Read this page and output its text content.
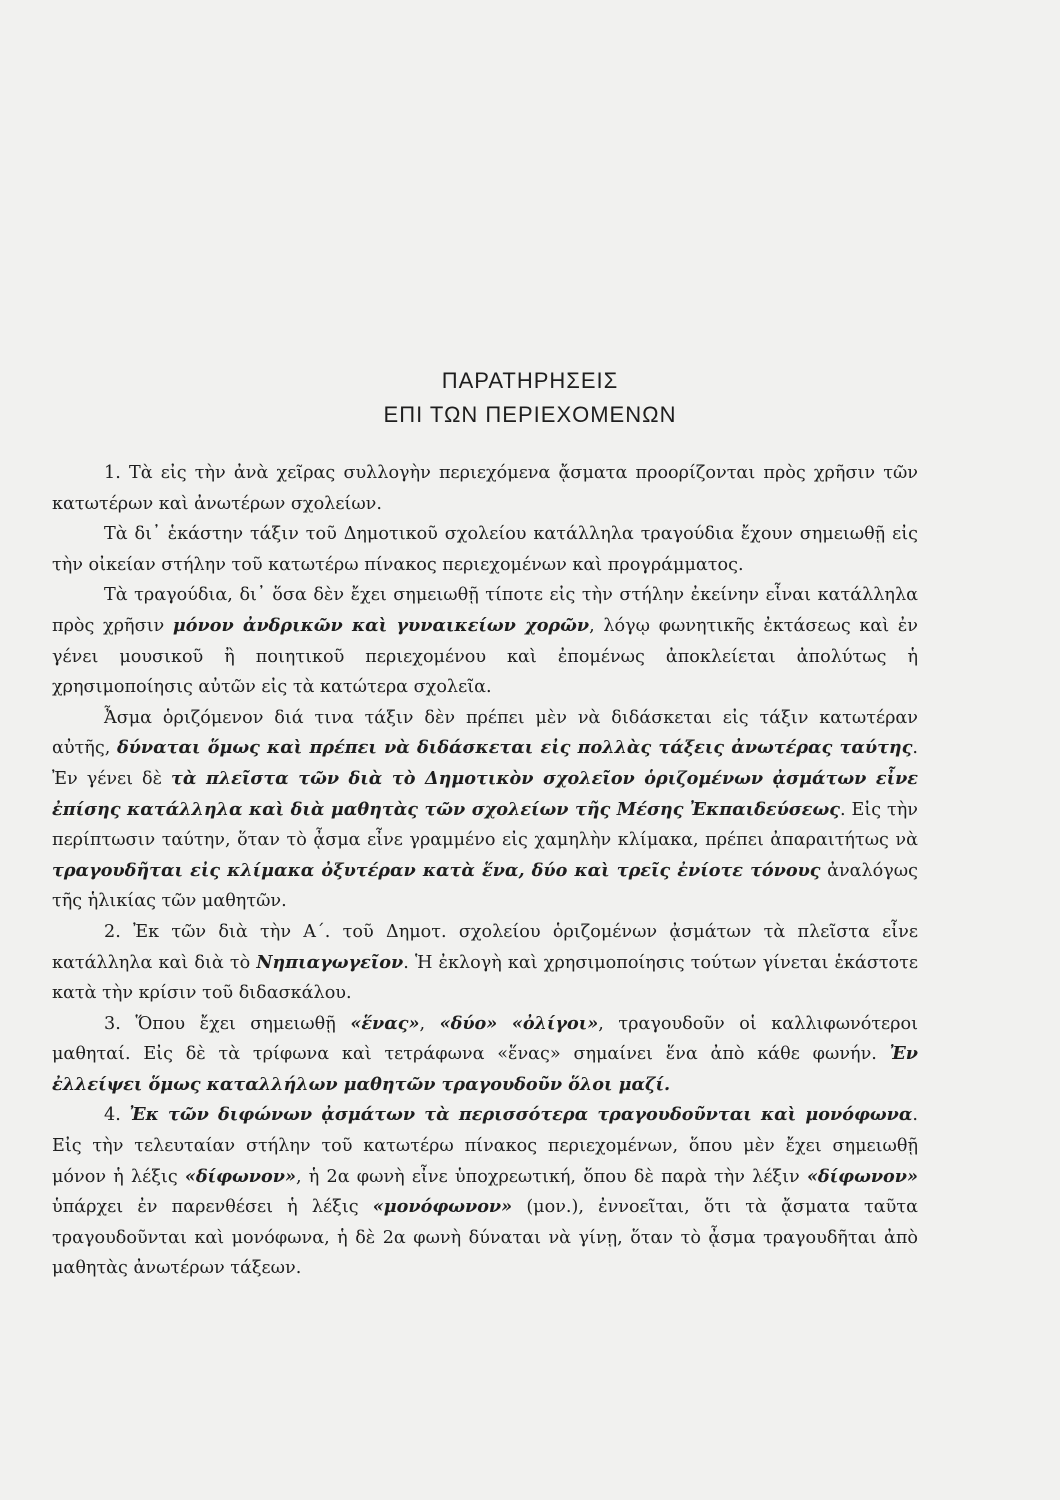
ΠΑΡΑΤΗΡΗΣΕΙΣ
ΕΠΙ ΤΩΝ ΠΕΡΙΕΧΟΜΕΝΩΝ

1. Τὰ εἰς τὴν ἀνὰ χεῖρας συλλογὴν περιεχόμενα ᾄσματα προορίζονται πρὸς χρῆσιν τῶν κατωτέρων καὶ ἀνωτέρων σχολείων.

Τὰ δι᾽ ἑκάστην τάξιν τοῦ Δημοτικοῦ σχολείου κατάλληλα τραγούδια ἔχουν σημειωθῇ εἰς τὴν οἰκείαν στήλην τοῦ κατωτέρω πίνακος περιεχομένων καὶ προγράμματος.

Τὰ τραγούδια, δι᾽ ὅσα δὲν ἔχει σημειωθῇ τίποτε εἰς τὴν στήλην ἐκείνην εἶναι κατάλληλα πρὸς χρῆσιν μόνον ἀνδρικῶν καὶ γυναικείων χορῶν, λόγῳ φωνητικῆς ἐκτάσεως καὶ ἐν γένει μουσικοῦ ἢ ποιητικοῦ περιεχομένου καὶ ἐπομένως ἀποκλείεται ἀπολύτως ἡ χρησιμοποίησις αὐτῶν εἰς τὰ κατώτερα σχολεῖα.

Ἆσμα ὁριζόμενον διά τινα τάξιν δὲν πρέπει μὲν νὰ διδάσκεται εἰς τάξιν κατωτέραν αὐτῆς, δύναται ὅμως καὶ πρέπει νὰ διδάσκεται εἰς πολλὰς τάξεις ἀνωτέρας ταύτης. Ἐν γένει δὲ τὰ πλεῖστα τῶν διὰ τὸ Δημοτικὸν σχολεῖον ὁριζομένων ᾀσμάτων εἶνε ἐπίσης κατάλληλα καὶ διὰ μαθητὰς τῶν σχολείων τῆς Μέσης Ἐκπαιδεύσεως. Εἰς τὴν περίπτωσιν ταύτην, ὅταν τὸ ᾆσμα εἶνε γραμμένο εἰς χαμηλὴν κλίμακα, πρέπει ἀπαραιτήτως νὰ τραγουδῆται εἰς κλίμακα ὀξυτέραν κατὰ ἕνα, δύο καὶ τρεῖς ἐνίοτε τόνους ἀναλόγως τῆς ἡλικίας τῶν μαθητῶν.

2. Ἐκ τῶν διὰ τὴν Α΄. τοῦ Δημοτ. σχολείου ὁριζομένων ᾀσμάτων τὰ πλεῖστα εἶνε κατάλληλα καὶ διὰ τὸ Νηπιαγωγεῖον. Ἡ ἐκλογὴ καὶ χρησιμοποίησις τούτων γίνεται ἑκάστοτε κατὰ τὴν κρίσιν τοῦ διδασκάλου.

3. Ὅπου ἔχει σημειωθῇ «ἕνας», «δύο» «ὀλίγοι», τραγουδοῦν οἱ καλλιφωνότεροι μαθηταί. Εἰς δὲ τὰ τρίφωνα καὶ τετράφωνα «ἕνας» σημαίνει ἕνα ἀπὸ κάθε φωνήν. Ἐν ἐλλείψει ὅμως καταλλήλων μαθητῶν τραγουδοῦν ὅλοι μαζί.

4. Ἐκ τῶν διφώνων ᾀσμάτων τὰ περισσότερα τραγουδοῦνται καὶ μονόφωνα. Εἰς τὴν τελευταίαν στήλην τοῦ κατωτέρω πίνακος περιεχομένων, ὅπου μὲν ἔχει σημειωθῇ μόνον ἡ λέξις «δίφωνον», ἡ 2α φωνὴ εἶνε ὑποχρεωτική, ὅπου δὲ παρὰ τὴν λέξιν «δίφωνον» ὑπάρχει ἐν παρενθέσει ἡ λέξις «μονόφωνον» (μον.), ἐννοεῖται, ὅτι τὰ ᾄσματα ταῦτα τραγουδοῦνται καὶ μονόφωνα, ἡ δὲ 2α φωνὴ δύναται νὰ γίνῃ, ὅταν τὸ ᾆσμα τραγουδῆται ἀπὸ μαθητὰς ἀνωτέρων τάξεων.
